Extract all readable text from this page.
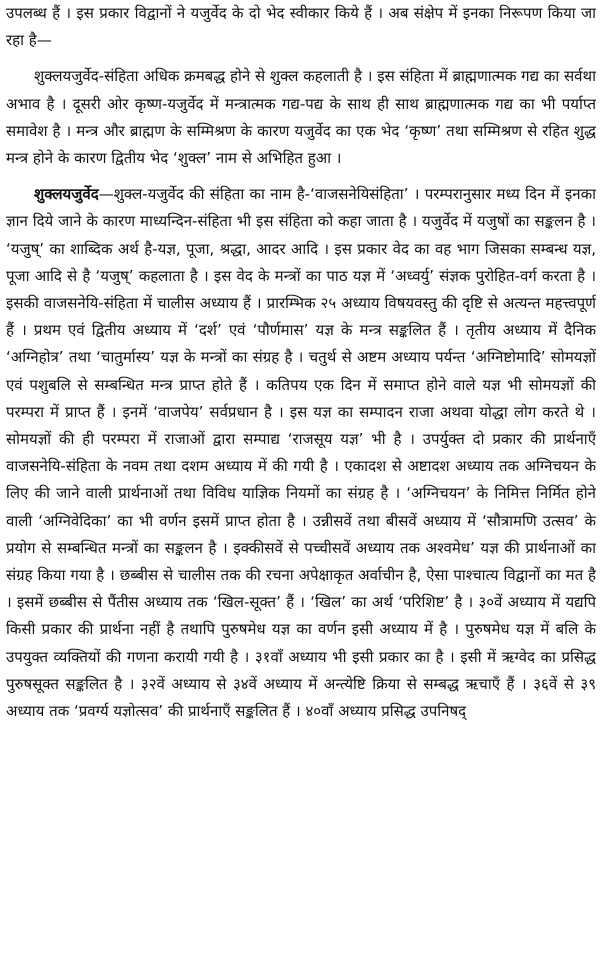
उपलब्ध हैं । इस प्रकार विद्वानों ने यजुर्वेद के दो भेद स्वीकार किये हैं । अब संक्षेप में इनका निरूपण किया जा रहा है—

शुक्लयजुर्वेद-संहिता अधिक क्रमबद्ध होने से शुक्ल कहलाती है । इस संहिता में ब्राह्मणात्मक गद्य का सर्वथा अभाव है । दूसरी ओर कृष्ण-यजुर्वेद में मन्त्रात्मक गद्य-पद्य के साथ ही साथ ब्राह्मणात्मक गद्य का भी पर्याप्त समावेश है । मन्त्र और ब्राह्मण के सम्मिश्रण के कारण यजुर्वेद का एक भेद ‘कृष्ण’ तथा सम्मिश्रण से रहित शुद्ध मन्त्र होने के कारण द्वितीय भेद ‘शुक्ल’ नाम से अभिहित हुआ ।

शुक्लयजुर्वेद—शुक्ल-यजुर्वेद की संहिता का नाम है-‘वाजसनेयिसंहिता’ । परम्परानुसार मध्य दिन में इनका ज्ञान दिये जाने के कारण माध्यन्दिन-संहिता भी इस संहिता को कहा जाता है । यजुर्वेद में यजुषों का सङ्कलन है । ‘यजुष्’ का शाब्दिक अर्थ है-यज्ञ, पूजा, श्रद्धा, आदर आदि । इस प्रकार वेद का वह भाग जिसका सम्बन्ध यज्ञ, पूजा आदि से है ‘यजुष्’ कहलाता है । इस वेद के मन्त्रों का पाठ यज्ञ में ‘अध्वर्यु’ संज्ञक पुरोहित-वर्ग करता है । इसकी वाजसनेयि-संहिता में चालीस अध्याय हैं । प्रारम्भिक २५ अध्याय विषयवस्तु की दृष्टि से अत्यन्त महत्त्वपूर्ण हैं । प्रथम एवं द्वितीय अध्याय में ‘दर्श’ एवं ‘पौर्णमास’ यज्ञ के मन्त्र सङ्कलित हैं । तृतीय अध्याय में दैनिक ‘अग्निहोत्र’ तथा ‘चातुर्मास्य’ यज्ञ के मन्त्रों का संग्रह है । चतुर्थ से अष्टम अध्याय पर्यन्त ‘अग्निष्टोमादि’ सोमयज्ञों एवं पशुबलि से सम्बन्धित मन्त्र प्राप्त होते हैं । कतिपय एक दिन में समाप्त होने वाले यज्ञ भी सोमयज्ञों की परम्परा में प्राप्त हैं । इनमें ‘वाजपेय’ सर्वप्रधान है । इस यज्ञ का सम्पादन राजा अथवा योद्धा लोग करते थे । सोमयज्ञों की ही परम्परा में राजाओं द्वारा सम्पाद्य ‘राजसूय यज्ञ’ भी है । उपर्युक्त दो प्रकार की प्रार्थनाएँ वाजसनेयि-संहिता के नवम तथा दशम अध्याय में की गयी है । एकादश से अष्टादश अध्याय तक अग्निचयन के लिए की जाने वाली प्रार्थनाओं तथा विविध याज्ञिक नियमों का संग्रह है । ‘अग्निचयन’ के निमित्त निर्मित होने वाली ‘अग्निवेदिका’ का भी वर्णन इसमें प्राप्त होता है । उन्नीसवें तथा बीसवें अध्याय में ‘सौत्रामणि उत्सव’ के प्रयोग से सम्बन्धित मन्त्रों का सङ्कलन है । इक्कीसवें से पच्चीसवें अध्याय तक अश्वमेध’ यज्ञ की प्रार्थनाओं का संग्रह किया गया है । छब्बीस से चालीस तक की रचना अपेक्षाकृत अर्वाचीन है, ऐसा पाश्चात्य विद्वानों का मत है । इसमें छब्बीस से पैंतीस अध्याय तक ‘खिल-सूक्त’ हैं । ‘खिल’ का अर्थ ‘परिशिष्ट’ है । ३०वें अध्याय में यद्यपि किसी प्रकार की प्रार्थना नहीं है तथापि पुरुषमेध यज्ञ का वर्णन इसी अध्याय में है । पुरुषमेध यज्ञ में बलि के उपयुक्त व्यक्तियों की गणना करायी गयी है । ३१वाँ अध्याय भी इसी प्रकार का है । इसी में ऋग्वेद का प्रसिद्ध पुरुषसूक्त सङ्कलित है । ३२वें अध्याय से ३४वें अध्याय में अन्त्येष्टि क्रिया से सम्बद्ध ऋचाएँ हैं । ३६वें से ३९ अध्याय तक ‘प्रवर्ग्य यज्ञोत्सव’ की प्रार्थनाएँ सङ्कलित हैं । ४०वाँ अध्याय प्रसिद्ध उपनिषद्
